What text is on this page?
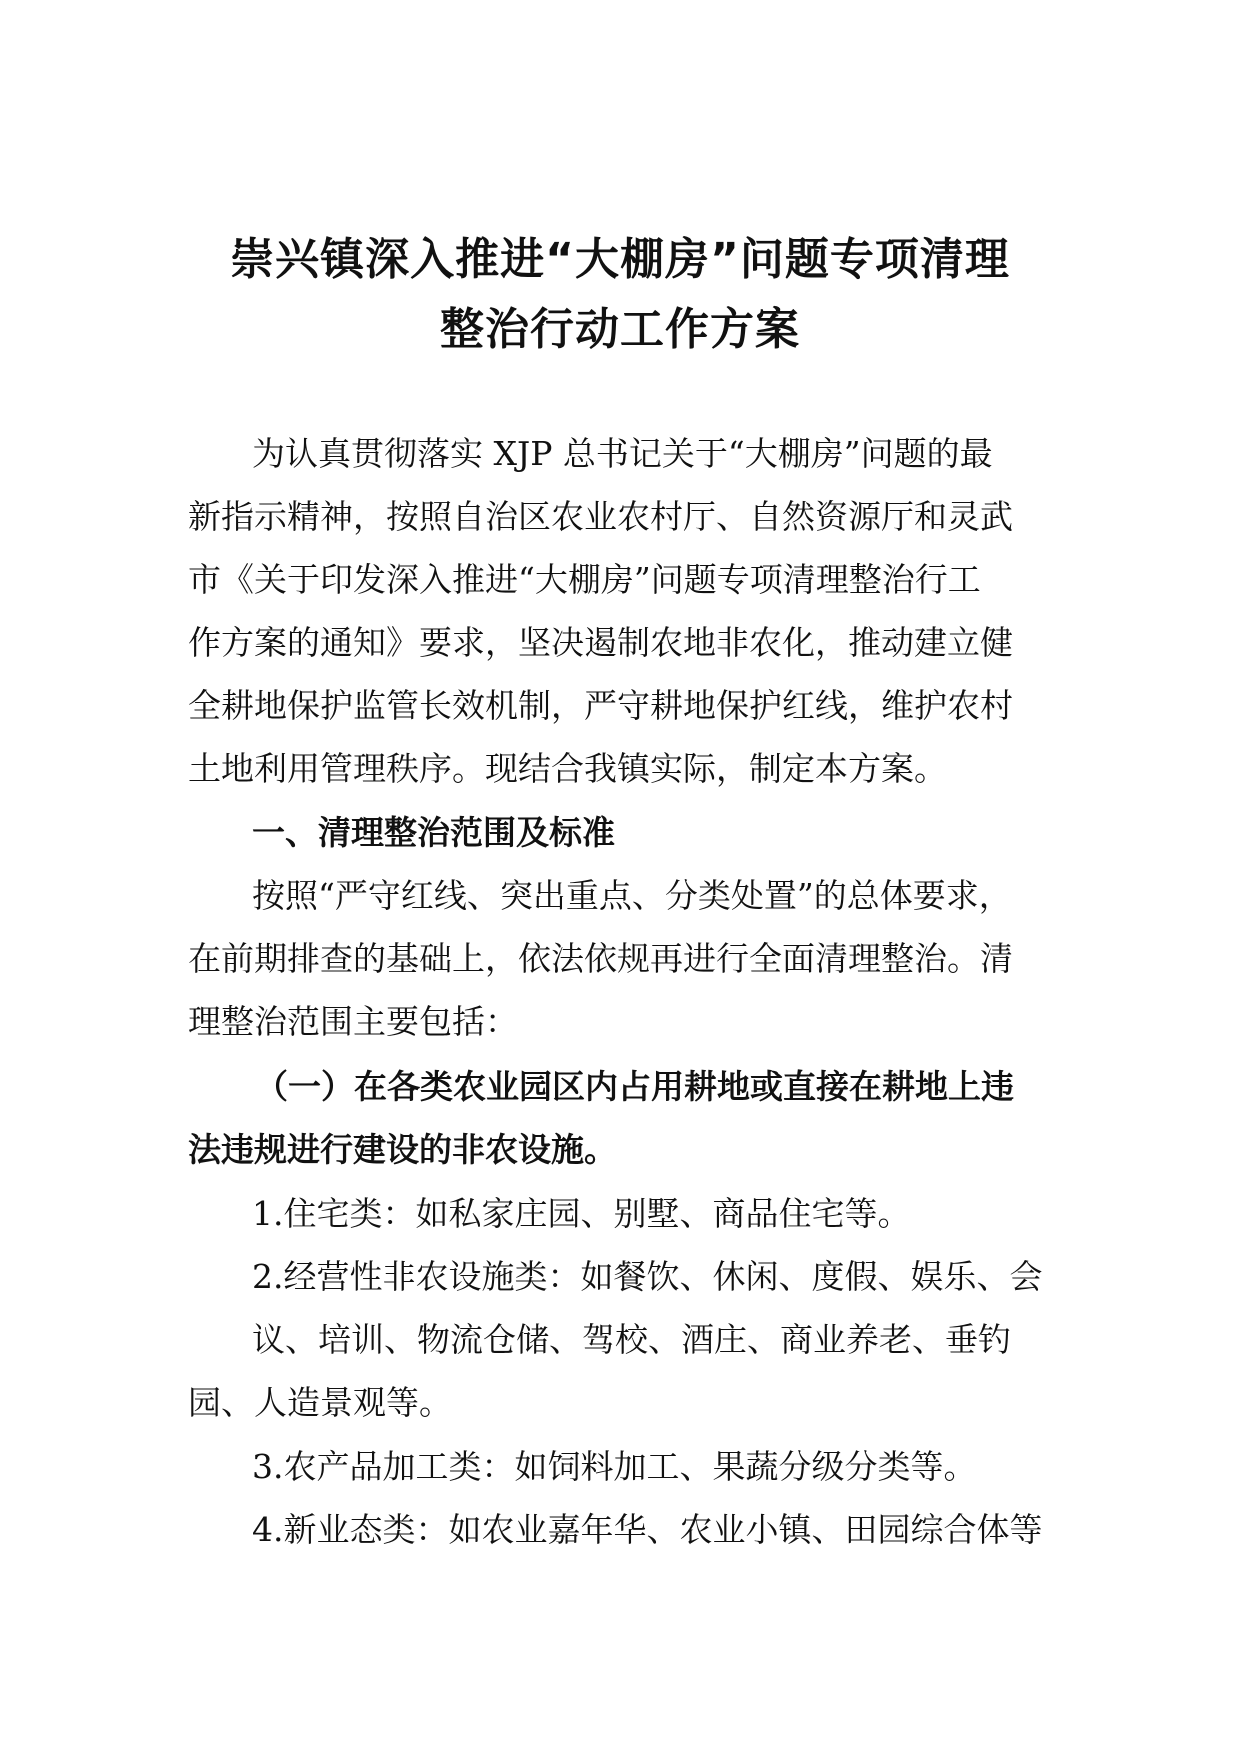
崇兴镇深入推进“大棚房”问题专项清理
整治行动工作方案
为认真贯彻落实 XJP 总书记关于“大棚房”问题的最
新指示精神，按照自治区农业农村厅、自然资源厅和灵武
市《关于印发深入推进“大棚房”问题专项清理整治行工
作方案的通知》要求，坚决遏制农地非农化，推动建立健
全耕地保护监管长效机制，严守耕地保护红线，维护农村
土地利用管理秩序。现结合我镇实际，制定本方案。
一、清理整治范围及标准
按照“严守红线、突出重点、分类处置”的总体要求，
在前期排查的基础上，依法依规再进行全面清理整治。清
理整治范围主要包括：
（一）在各类农业园区内占用耕地或直接在耕地上违
法违规进行建设的非农设施。
1.住宅类：如私家庄园、别墅、商品住宅等。
2.经营性非农设施类：如餐饮、休闲、度假、娱乐、会
议、培训、物流仓储、驾校、酒庄、商业养老、垂钓
园、人造景观等。
3.农产品加工类：如饲料加工、果蔬分级分类等。
4.新业态类：如农业嘉年华、农业小镇、田园综合体等
